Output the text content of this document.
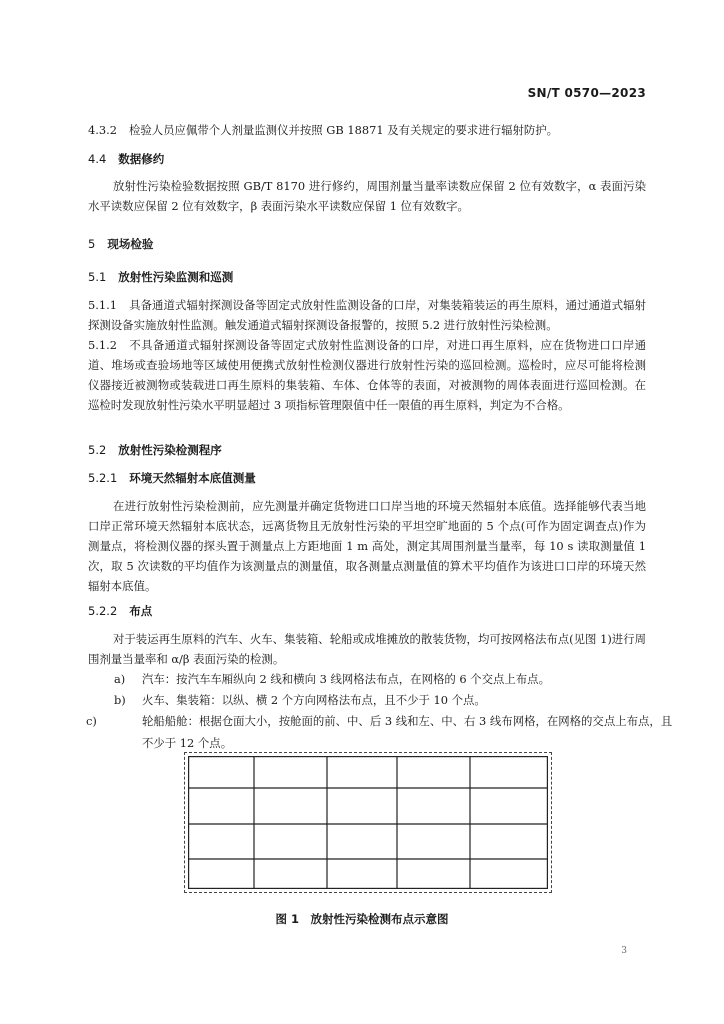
SN/T 0570—2023
4.3.2 检验人员应佩带个人剂量监测仪并按照 GB 18871 及有关规定的要求进行辐射防护。
4.4 数据修约
放射性污染检验数据按照 GB/T 8170 进行修约，周围剂量当量率读数应保留 2 位有效数字，α 表面污染水平读数应保留 2 位有效数字，β 表面污染水平读数应保留 1 位有效数字。
5 现场检验
5.1 放射性污染监测和巡测
5.1.1 具备通道式辐射探测设备等固定式放射性监测设备的口岸，对集装箱装运的再生原料，通过通道式辐射探测设备实施放射性监测。触发通道式辐射探测设备报警的，按照 5.2 进行放射性污染检测。
5.1.2 不具备通道式辐射探测设备等固定式放射性监测设备的口岸，对进口再生原料，应在货物进口口岸通道、堆场或查验场地等区域使用便携式放射性检测仪器进行放射性污染的巡回检测。巡检时，应尽可能将检测仪器接近被测物或装载进口再生原料的集装箱、车体、仓体等的表面，对被测物的周体表面进行巡回检测。在巡检时发现放射性污染水平明显超过 3 项指标管理限值中任一限值的再生原料，判定为不合格。
5.2 放射性污染检测程序
5.2.1 环境天然辐射本底值测量
在进行放射性污染检测前，应先测量并确定货物进口口岸当地的环境天然辐射本底值。选择能够代表当地口岸正常环境天然辐射本底状态，远离货物且无放射性污染的平坦空旷地面的 5 个点(可作为固定调查点)作为测量点，将检测仪器的探头置于测量点上方距地面 1 m 高处，测定其周围剂量当量率，每 10 s 读取测量值 1 次，取 5 次读数的平均值作为该测量点的测量值，取各测量点测量值的算术平均值作为该进口口岸的环境天然辐射本底值。
5.2.2 布点
对于装运再生原料的汽车、火车、集装箱、轮船或成堆摊放的散装货物，均可按网格法布点(见图 1)进行周围剂量当量率和 α/β 表面污染的检测。
a) 汽车：按汽车车厢纵向 2 线和横向 3 线网格法布点，在网格的 6 个交点上布点。
b) 火车、集装箱：以纵、横 2 个方向网格法布点，且不少于 10 个点。
c)	轮船船舱：根据仓面大小，按舱面的前、中、后 3 线和左、中、右 3 线布网格，在网格的交点上布点，且不少于 12 个点。
图 1　放射性污染检测布点示意图
3
